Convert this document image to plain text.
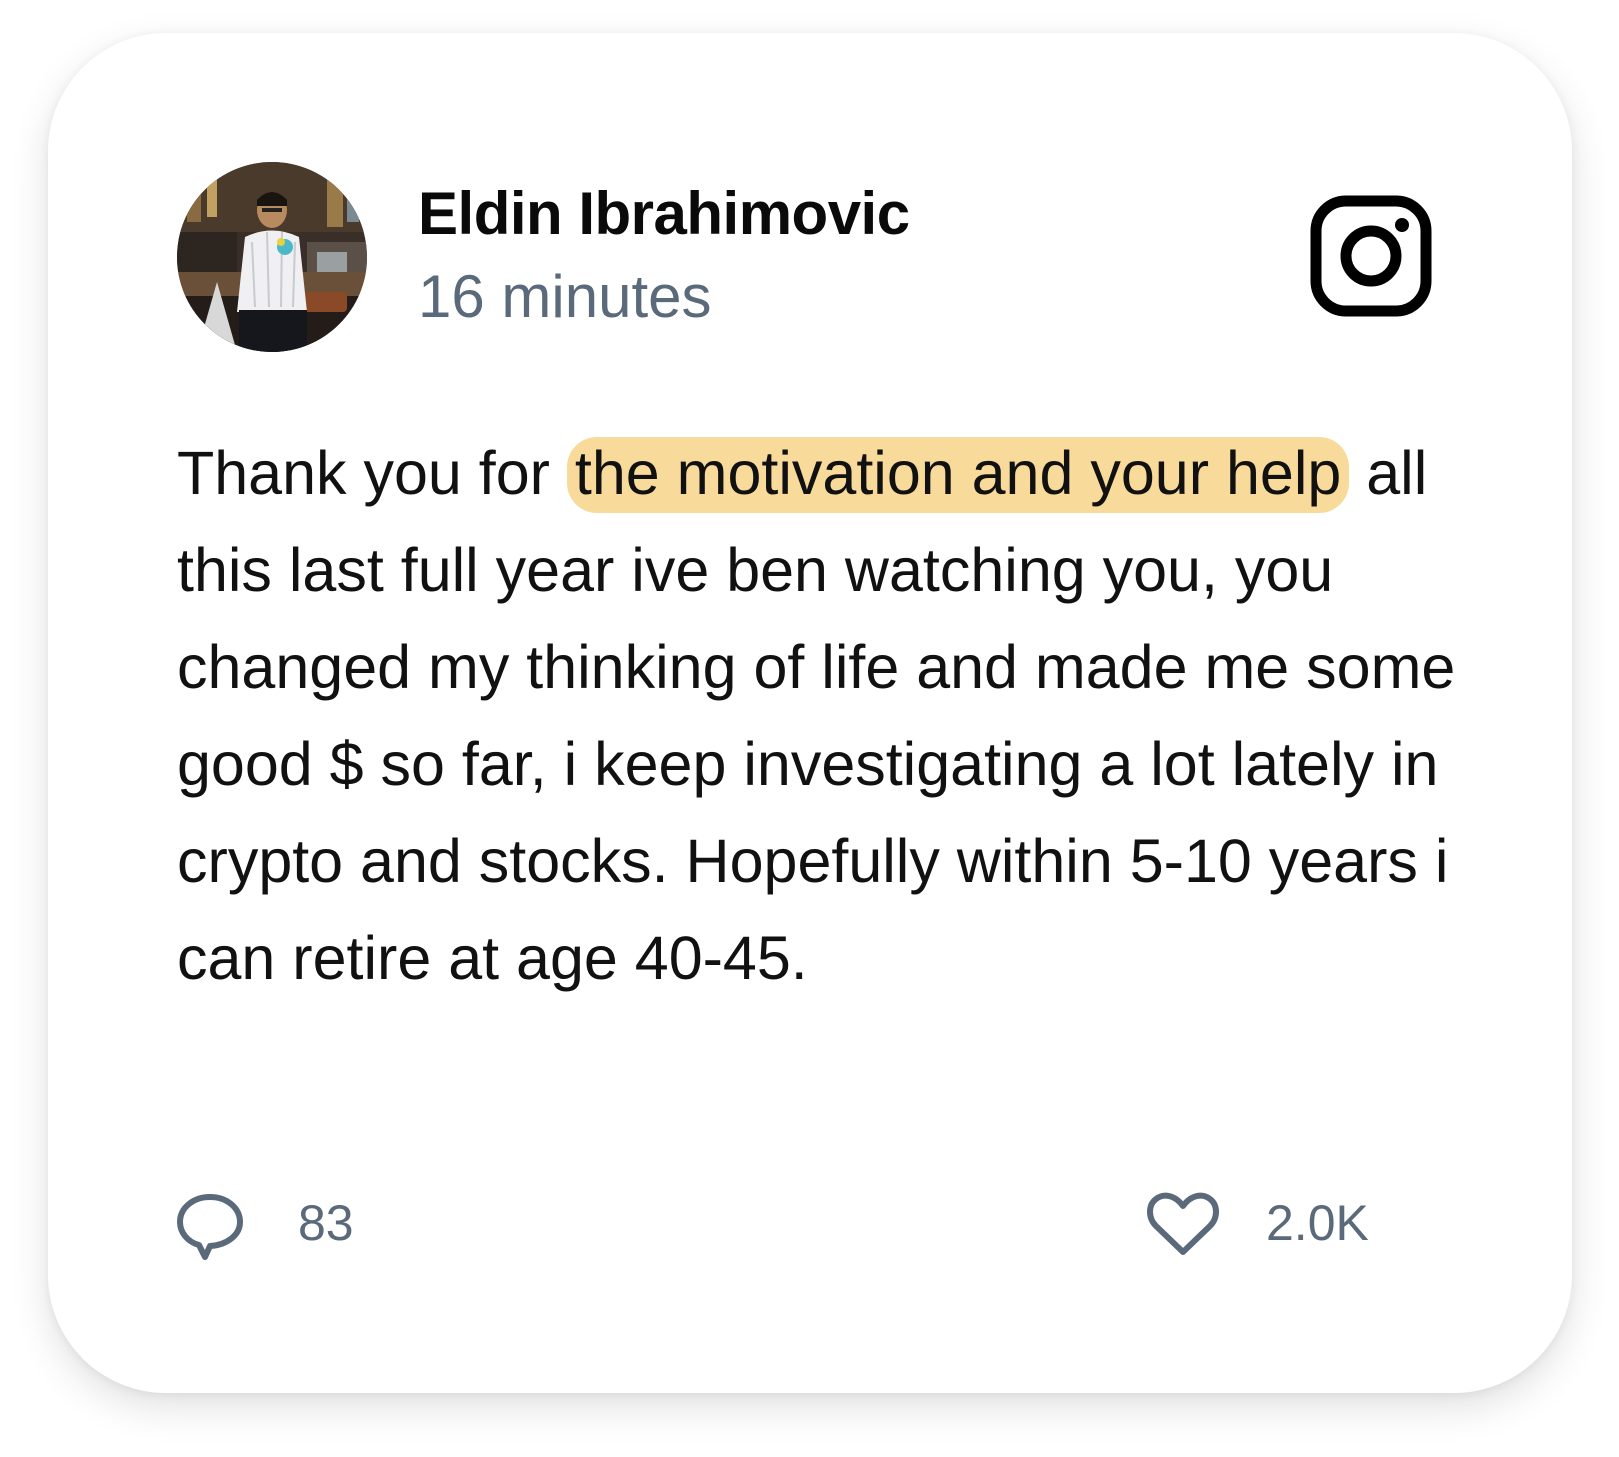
Eldin Ibrahimovic
16 minutes

Thank you for the motivation and your help all this last full year ive ben watching you, you changed my thinking of life and made me some good $ so far, i keep investigating a lot lately in crypto and stocks. Hopefully within 5-10 years i can retire at age 40-45.

83	2.0K
